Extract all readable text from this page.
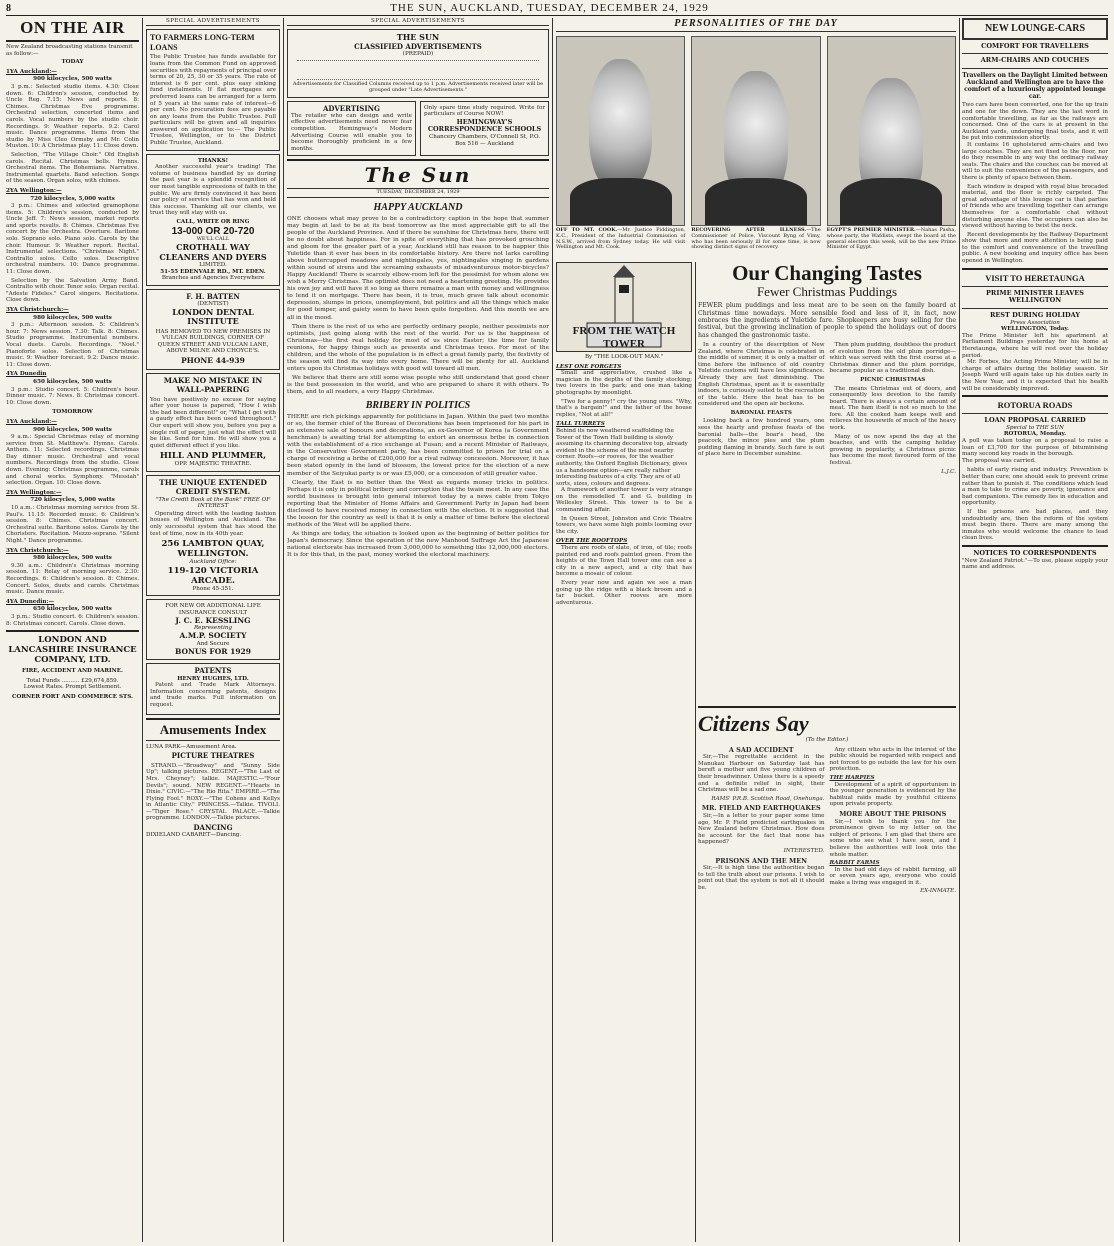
8	THE SUN, AUCKLAND, TUESDAY, DECEMBER 24, 1929
ON THE AIR
New Zealand broadcasting stations transmit as follow:—
TODAY
1YA Auckland:—
900 kilocycles, 500 watts

3 p.m.: Selected studio items. 4.30: Close down. 6: Children's session, conducted by Uncle Reg. 7.15: News and reports. 8: Chimes. Christmas Eve programme. Orchestral selection, concerted items and carols. Vocal numbers by the studio choir. Recordings. 9: Weather reports. 9.2: Carol music. Dance programme. Items from the studio by Miss Cleo Ormsby and Mr. Colin Muston. 10: A Christmas play. 11: Close down.

Selection, "The Village Choir." Old English carols. Recital. Christmas bells. Hymns. Orchestral items. The Bohemians. Narrative. Instrumental quartets. Band selection. Songs of the season. Organ solos, with chimes.

2YA Wellington:—
720 kilocycles, 5,000 watts

3 p.m.: Chimes and selected gramophone items. 5: Children's session, conducted by Uncle Jeff. 7: News session, market reports and sports results. 8: Chimes. Christmas Eve concert by the Orchestra. Overture. Baritone solo. Soprano solo. Piano solo. Carols by the choir. Humour. 9: Weather report. Recital. Instrumental selections. "Christmas Night." Contralto solos. Cello solos. Descriptive orchestral numbers. 10: Dance programme. 11: Close down.

Selection by the Salvation Army Band. Contralto with choir. Tenor solo. Organ recital. "Adeste Fideles." Carol singers. Recitations. Close down.

3YA Christchurch:—
980 kilocycles, 500 watts

3 p.m.: Afternoon session. 5: Children's hour. 7: News session. 7.30: Talk. 8: Chimes. Studio programme. Instrumental numbers. Vocal duets. Carols. Recordings. "Noel." Pianoforte solos. Selection of Christmas music. 9: Weather forecast. 9.2: Dance music. 11: Close down.

4YA Dunedin
650 kilocycles, 500 watts

3 p.m.: Studio concert. 5: Children's hour. Dinner music. 7: News. 8: Christmas concert. 10: Close down.

TOMORROW
1YA Auckland:—
900 kilocycles, 500 watts

9 a.m.: Special Christmas relay of morning service from St. Matthew's. Hymns. Carols. Anthem. 11: Selected recordings. Christmas Day dinner music. Orchestral and vocal numbers. Recordings from the studio. Close down. Evening: Christmas programme, carols and choral works. Symphony. "Messiah" selection. Organ. 10: Close down.

2YA Wellington:—
720 kilocycles, 5,000 watts

10 a.m.: Christmas morning service from St. Paul's. 11.15: Recorded music. 6: Children's session. 8: Chimes. Christmas concert. Orchestral suite. Baritone solos. Carols by the Choristers. Recitation. Mezzo-soprano. "Silent Night." Dance programme.

3YA Christchurch:—
980 kilocycles, 500 watts

9.30 a.m.: Children's Christmas morning session. 11: Relay of morning service. 2.30: Recordings. 6: Children's session. 8: Chimes. Concert. Solos, duets and carols. Christmas music. Dance music.

4YA Dunedin:—
650 kilocycles, 500 watts

3 p.m.: Studio concert. 6: Children's session. 8: Christmas concert. Carols. Close down.

LONDON AND LANCASHIRE INSURANCE COMPANY, LTD.
FIRE, ACCIDENT AND MARINE.
Total Funds .......... £29,674,859.
Lowest Rates. Prompt Settlement.
CORNER FORT AND COMMERCE STS.
SPECIAL ADVERTISEMENTS
TO FARMERS LONG-TERM LOANS
The Public Trustee has funds available for loans from the Common Fund on approved securities with repayments of principal over terms of 20, 25, 30 or 35 years. The rate of interest is 6 per cent. plus easy sinking fund instalments. If flat mortgages are preferred loans can be arranged for a term of 5 years at the same rate of interest—6 per cent. No procuration fees are payable on any loans from the Public Trustee. Full particulars will be given and all inquiries answered on application to:— The Public Trustee, Wellington, or to the District Public Trustee, Auckland.
THANKS!

Another successful year's trading! The volume of business handled by us during the past year is a splendid recognition of our most tangible expressions of faith in the public. We are firmly convinced it has been our policy of service that has won and held this success. Thanking all our clients, we trust they will stay with us.

CALL, WRITE OR RING
13-000 OR 20-720
WE'LL CALL
CROTHALL WAY CLEANERS AND DYERS
LIMITED.
51-55 EDENVALE RD., MT. EDEN.
Branches and Agencies Everywhere
F. H. BATTEN
(DENTIST)
LONDON DENTAL INSTITUTE
HAS REMOVED TO NEW PREMISES IN VULCAN BUILDINGS, CORNER OF QUEEN STREET AND VULCAN LANE, ABOVE MILNE AND CHOYCE'S.
PHONE 44-939
MAKE NO MISTAKE IN WALL-PAPERING
You have positively no excuse for saying after your house is papered, "How I wish the bad been different!" or, "What I get with a gaudy effect has been used throughout." Our expert will show you, before you pay a single roll of paper, just what the effect will be like. Send for him. He will show you a quiet different effect if you like.
HILL AND PLUMMER,
OPP. MAJESTIC THEATRE.
THE UNIQUE EXTENDED CREDIT SYSTEM.
"The Credit Book at the Bank" FREE OF INTEREST

Operating direct with the leading fashion houses of Wellington and Auckland. The only successful system that has stood the test of time, now in its 40th year.

256 LAMBTON QUAY, WELLINGTON.
Auckland Office:
119-120 VICTORIA ARCADE.
Phone 45-351.
FOR NEW OR ADDITIONAL LIFE INSURANCE CONSULT
J. C. E. KESSLING
Representing
A.M.P. SOCIETY
And Secure
BONUS FOR 1929
PATENTS
HENRY HUGHES, LTD.

Patent and Trade Mark Attorneys. Information concerning patents, designs and trade marks. Full information on request.

Amusements Index
LUNA PARK—Amusement Area.
PICTURE THEATRES

STRAND.—"Broadway" and "Sunny Side Up"; talking pictures. REGENT.—"The Last of Mrs. Cheyney"; talkie. MAJESTIC.—"Four Devils"; sound. NEW REGENT.—"Hearts in Dixie." CIVIC.—"The Rio Rita." EMPIRE.—"The Flying Fool." ROXY.—"The Cohens and Kellys in Atlantic City." PRINCESS.—Talkie. TIVOLI.—"Tiger Rose." CRYSTAL PALACE.—Talkie programme. LONDON.—Talkie pictures.

DANCING
DIXIELAND CABARET—Dancing.
SPECIAL ADVERTISEMENTS
THE SUN
CLASSIFIED ADVERTISEMENTS
(PREPAID)
Advertisements for Classified Columns received up to 1 p.m. Advertisements received later will be grouped under "Late Advertisements."
ADVERTISING
The retailer who can design and write effective advertisements need never fear competition. Hemingway's Modern Advertising Course will enable you to become thoroughly proficient in a few months.
Only spare time study required. Write for particulars of Course NOW!
HEMINGWAY'S CORRESPONDENCE SCHOOLS
Chancery Chambers, O'Connell St, P.O. Box 516 — Auckland
The Sun
TUESDAY, DECEMBER 24, 1929
HAPPY AUCKLAND
ONE chooses what may prove to be a contradictory caption in the hope that summer may begin at last to be at its best tomorrow as the most appreciable gift to all the people of the Auckland Province. And if there be sunshine for Christmas here, there will be no doubt about happiness. For in spite of everything that has provoked grouching and gloom for the greater part of a year, Auckland still has reason to be happier this Yuletide than it ever has been in its comfortable history. Are there not larks carolling above buttercupped meadows and nightingales, yes, nightingales singing in gardens within sound of sirens and the screaming exhausts of misadventurous motor-bicycles? Happy Auckland! There is scarcely elbow-room left for the pessimist for whom alone we wish a Merry Christmas. The optimist does not need a heartening greeting. He provides his own joy and will have it so long as there remains a man with money and willingness to lend it on mortgage. There has been, it is true, much grave talk about economic depression, slumps in prices, unemployment, but politics and all the things which make for good temper, and gaiety seem to have been quite forgotten. And this month we are all in the mood.

Then there is the rest of us who are perfectly ordinary people, neither pessimists nor optimists, just going along with the rest of the world. For us is the happiness of Christmas—the first real holiday for most of us since Easter; the time for family reunions, for happy things such as presents and Christmas trees. For most of the children, and the whole of the population is in effect a great family party, the festivity of the season will find its way into every home. There will be plenty for all. Auckland enters upon its Christmas holidays with good will toward all men.

We believe that there are still some wise people who still understand that good cheer is the best possession in the world, and who are prepared to share it with others. To them, and to all readers, a very Happy Christmas.

BRIBERY IN POLITICS
THERE are rich pickings apparently for politicians in Japan. Within the past two months or so, the former chief of the Bureau of Decorations has been imprisoned for his part in an extensive sale of honours and decorations, an ex-Governor of Korea (a Government henchman) is awaiting trial for attempting to extort an enormous bribe in connection with the establishment of a rice exchange at Fusan; and a recent Minister of Railways, in the Conservative Government party, has been committed to prison for trial on a charge of receiving a bribe of £200,000 for a rival railway concession. Moreover, it has been stated openly in the land of blossom, the lowest price for the election of a new member of the Seiyukai party is or was £5,000, or a concession of still greater value.

Clearly, the East is no better than the West as regards money tricks in politics. Perhaps it is only in political bribery and corruption that the twain meet. In any case the sordid business is brought into general interest today by a news cable from Tokyo reporting that the Minister of Home Affairs and Government Party in Japan had been disclosed to have received money in connection with the election. It is suggested that the lesson for the country as well is that it is only a matter of time before the electoral methods of the West will be applied there.

As things are today, the situation is looked upon as the beginning of better politics for Japan's democracy. Since the operation of the new Manhood Suffrage Act the Japanese national electorate has increased from 3,000,000 to something like 12,000,000 electors. It is for this that, in the past, money worked the electoral machinery.

PERSONALITIES OF THE DAY
OFF TO MT. COOK.—Mr. Justice Piddington, K.C., President of the Industrial Commission of N.S.W., arrived from Sydney today. He will visit Wellington and Mt. Cook.
RECOVERING AFTER ILLNESS.—The Commissioner of Police, Viscount Byng of Vimy, who has been seriously ill for some time, is now showing distinct signs of recovery.
EGYPT'S PREMIER MINISTER.—Nahas Pasha, whose party, the Wafdists, swept the board at the general election this week, will be the new Prime Minister of Egypt.
FROM THE WATCH TOWER
By "THE LOOK-OUT MAN."
LEST ONE FORGETS

Small and appreciative, crushed like a magician in the depths of the family stocking; two lovers in the park; and one man taking photographs by moonlight.

"Two for a penny!" cry the young ones. "Why, that's a bargain!" and the father of the house replies, "Not at all!"

TALL TURRETS
Behind its now weathered scaffolding the Tower of the Town Hall building is slowly assuming its charming decorative top, already evident in the scheme of the most nearby corner. Roofs—or rooves, for the weather authority, the Oxford English Dictionary, gives us a handsome option—are really rather interesting features of a city. They are of all sorts, sizes, colours and degrees.

A framework of another tower is very strange on the remodelled T. and G. building in Wellesley Street. This tower is to be a commanding affair.

In Queen Street, Johnston and Civic Theatre towers, we have some high points looming over the city.

OVER THE ROOFTOPS

There are roofs of slate, of iron, of tile; roofs painted red and roofs painted green. From the heights of the Town Hall tower one can see a city in a new aspect, and a city that has become a mosaic of colour.

Every year now and again we see a man going up the ridge with a black broom and a tar bucket. Other rooves are more adventurous.

Our Changing Tastes
Fewer Christmas Puddings
FEWER plum puddings and less meat are to be seen on the family board at Christmas time nowadays. More sensible food and less of it, in fact, now embraces the ingredients of Yuletide fare. Shopkeepers are busy selling for the festival, but the growing inclination of people to spend the holidays out of doors has changed the gastronomic taste.

In a country of the description of New Zealand, where Christmas is celebrated in the middle of summer, it is only a matter of time before the influence of old country Yuletide customs will have less significance. Already they are fast diminishing. The English Christmas, spent as it is essentially indoors, is curiously suited to the recreation of the table. Here the heat has to be considered and the open air beckons.

BARONIAL FEASTS

Looking back a few hundred years, one sees the hearty and profuse feasts of the baronial halls—the boar's head, the peacock, the mince pies and the plum pudding flaming in brandy. Such fare is out of place here in December sunshine.

Then plum pudding, doubtless the product of evolution from the old plum porridge—which was served with the first course at a Christmas dinner and the plum porridge, became popular as a traditional dish.

PICNIC CHRISTMAS

The means Christmas out of doors, and consequently less devotion to the family board. There is always a certain amount of meat. The ham itself is not so much to the fore. All the cooked ham keeps well and relieves the housewife of much of the heavy work.

Many of us now spend the day at the beaches, and with the camping holiday growing in popularity, a Christmas picnic has become the most favoured form of the festival.

L.J.C.
Citizens Say
(To the Editor.)
A SAD ACCIDENT

Sir,—The regrettable accident in the Manukau Harbour on Saturday last has bereft a mother and five young children of their breadwinner. Unless there is a speedy and a definite relief in sight, their Christmas will be a sad one.

RAMS' P.R.B. Scottish Road, Onehunga.
MR. FIELD AND EARTHQUAKES

Sir,—In a letter to your paper some time ago, Mr. P. Field predicted earthquakes in New Zealand before Christmas. How does he account for the fact that none has happened?

INTERESTED.
PRISONS AND THE MEN

Sir,—It is high time the authorities began to tell the truth about our prisons. I wish to point out that the system is not all it should be.

Any citizen who acts in the interest of the public should be regarded with respect and not forced to go outside the law for his own protection.

THE HARPIES

Development of a spirit of opportunism in the younger generation is evidenced by the habitual raids made by youthful citizens upon private property.

MORE ABOUT THE PRISONS

Sir,—I wish to thank you for the prominence given to my letter on the subject of prisons. I am glad that there are some who see what I have seen, and I believe the authorities will look into the whole matter.

RABBIT FARMS

In the bad old days of rabbit farming, all or seven years ago, everyone who could make a living was engaged in it.

EX-INMATE.
NEW LOUNGE-CARS
COMFORT FOR TRAVELLERS
ARM-CHAIRS AND COUCHES
Travellers on the Daylight Limited between Auckland and Wellington are to have the comfort of a luxuriously appointed lounge car.
Two cars have been converted, one for the up train and one for the down. They are the last word in comfortable travelling, as far as the railways are concerned. One of the cars is at present in the Auckland yards, undergoing final tests, and it will be put into commission shortly.

It contains 16 upholstered arm-chairs and two large couches. They are not fixed to the floor, nor do they resemble in any way the ordinary railway seats. The chairs and the couches can be moved at will to suit the convenience of the passengers, and there is plenty of space between them.

Each window is draped with royal blue brocaded material, and the floor is richly carpeted. The great advantage of this lounge car is that parties of friends who are travelling together can arrange themselves for a comfortable chat without disturbing anyone else. The occupiers can also be viewed without having to twist the neck.

Recent developments by the Railway Department show that more and more attention is being paid to the comfort and convenience of the travelling public. A new booking and inquiry office has been opened in Wellington.

VISIT TO HERETAUNGA
PRIME MINISTER LEAVES WELLINGTON
REST DURING HOLIDAY
Press Association
WELLINGTON, Today.
The Prime Minister left his apartment at Parliament Buildings yesterday for his home at Heretaunga, where he will rest over the holiday period.

Mr. Forbes, the Acting Prime Minister, will be in charge of affairs during the holiday season. Sir Joseph Ward will again take up his duties early in the New Year, and it is expected that his health will be considerably improved.

ROTORUA ROADS
LOAN PROPOSAL CARRIED
Special to THE SUN
ROTORUA, Monday.
A poll was taken today on a proposal to raise a loan of £3,700 for the purpose of bituminising many second key roads in the borough.
The proposal was carried.

habits of early rising and industry. Prevention is better than cure; one should seek to prevent crime rather than to punish it. The conditions which lead a man to take to crime are poverty, ignorance and bad companions. The remedy lies in education and opportunity.

If the prisons are bad places, and they undoubtedly are, then the reform of the system must begin there. There are many among the inmates who would welcome the chance to lead clean lives.

NOTICES TO CORRESPONDENTS
"New Zealand Patriot."—To use, please supply your name and address.
